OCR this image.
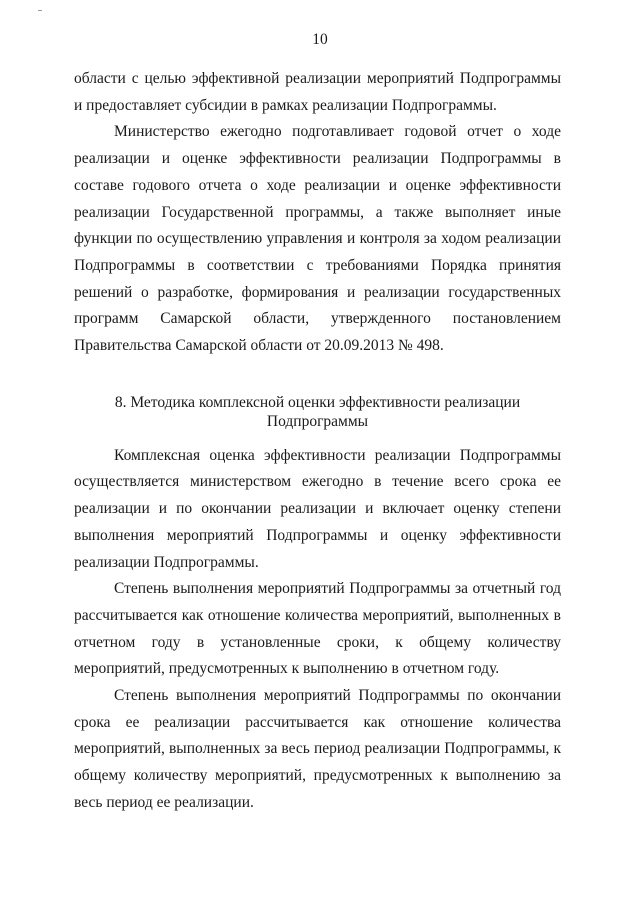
10

области с целью эффективной реализации мероприятий Подпрограммы и предоставляет субсидии в рамках реализации Подпрограммы.

Министерство ежегодно подготавливает годовой отчет о ходе реализации и оценке эффективности реализации Подпрограммы в составе годового отчета о ходе реализации и оценке эффективности реализации Государственной программы, а также выполняет иные функции по осуществлению управления и контроля за ходом реализации Подпрограммы в соответствии с требованиями Порядка принятия решений о разработке, формирования и реализации государственных программ Самарской области, утвержденного постановлением Правительства Самарской области от 20.09.2013 № 498.

8. Методика комплексной оценки эффективности реализации

Подпрограммы

Комплексная оценка эффективности реализации Подпрограммы осуществляется министерством ежегодно в течение всего срока ее реализации и по окончании реализации и включает оценку степени выполнения мероприятий Подпрограммы и оценку эффективности реализации Подпрограммы.

Степень выполнения мероприятий Подпрограммы за отчетный год рассчитывается как отношение количества мероприятий, выполненных в отчетном году в установленные сроки, к общему количеству мероприятий, предусмотренных к выполнению в отчетном году.

Степень выполнения мероприятий Подпрограммы по окончании срока ее реализации рассчитывается как отношение количества мероприятий, выполненных за весь период реализации Подпрограммы, к общему количеству мероприятий, предусмотренных к выполнению за весь период ее реализации.
